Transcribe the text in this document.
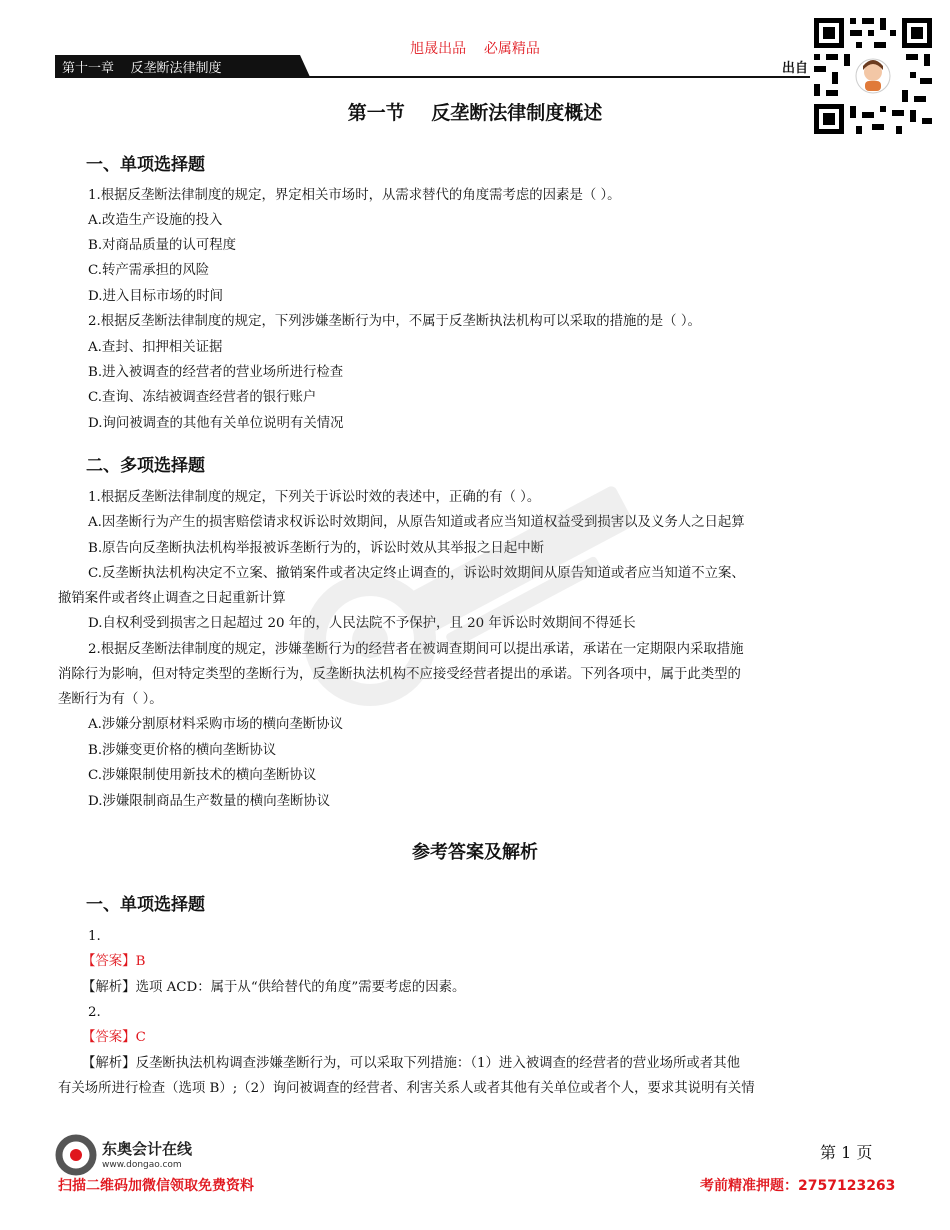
第十一章    反垄断法律制度
旭晟出品    必属精品
出自
第一节    反垄断法律制度概述
一、单项选择题
1.根据反垄断法律制度的规定，界定相关市场时，从需求替代的角度需考虑的因素是（ ）。
A.改造生产设施的投入
B.对商品质量的认可程度
C.转产需承担的风险
D.进入目标市场的时间
2.根据反垄断法律制度的规定，下列涉嫌垄断行为中，不属于反垄断执法机构可以采取的措施的是（ ）。
A.查封、扣押相关证据
B.进入被调查的经营者的营业场所进行检查
C.查询、冻结被调查经营者的银行账户
D.询问被调查的其他有关单位说明有关情况
二、多项选择题
1.根据反垄断法律制度的规定，下列关于诉讼时效的表述中，正确的有（ ）。
A.因垄断行为产生的损害赔偿请求权诉讼时效期间，从原告知道或者应当知道权益受到损害以及义务人之日起算
B.原告向反垄断执法机构举报被诉垄断行为的，诉讼时效从其举报之日起中断
C.反垄断执法机构决定不立案、撤销案件或者决定终止调查的，诉讼时效期间从原告知道或者应当知道不立案、
撤销案件或者终止调查之日起重新计算
D.自权利受到损害之日起超过 20 年的，人民法院不予保护，且 20 年诉讼时效期间不得延长
2.根据反垄断法律制度的规定，涉嫌垄断行为的经营者在被调查期间可以提出承诺，承诺在一定期限内采取措施
消除行为影响，但对特定类型的垄断行为，反垄断执法机构不应接受经营者提出的承诺。下列各项中，属于此类型的
垄断行为有（ ）。
A.涉嫌分割原材料采购市场的横向垄断协议
B.涉嫌变更价格的横向垄断协议
C.涉嫌限制使用新技术的横向垄断协议
D.涉嫌限制商品生产数量的横向垄断协议
参考答案及解析
一、单项选择题
1.
【答案】B
【解析】选项 ACD：属于从“供给替代的角度”需要考虑的因素。
2.
【答案】C
【解析】反垄断执法机构调查涉嫌垄断行为，可以采取下列措施：（1）进入被调查的经营者的营业场所或者其他
有关场所进行检查（选项 B）;（2）询问被调查的经营者、利害关系人或者其他有关单位或者个人，要求其说明有关情
东奥会计在线
www.dongao.com
第 1 页
扫描二维码加微信领取免费资料	考前精准押题：2757123263
